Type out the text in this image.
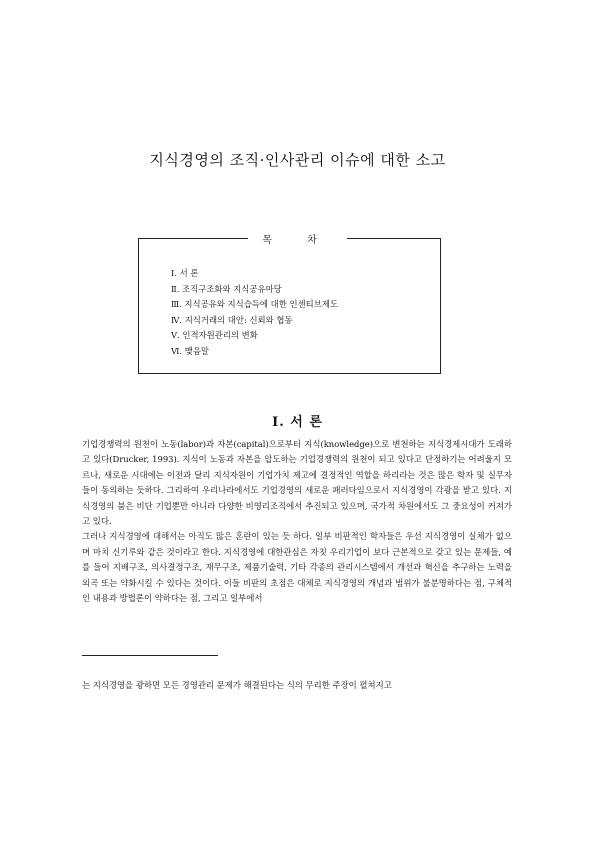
지식경영의 조직·인사관리 이슈에 대한 소고
목 차
Ⅰ. 서 론
Ⅱ. 조직구조화와 지식공유마당
Ⅲ. 지식공유와 지식습득에 대한 인센티브제도
Ⅳ. 지식거래의 대안: 신뢰와 협동
Ⅴ. 인적자원관리의 변화
Ⅵ. 맺음말
Ⅰ. 서 론

기업경쟁력의 원천이 노동(labor)과 자본(capital)으로부터 지식(knowledge)으로 변천하는 지식경제시대가 도래하고 있다(Drucker, 1993). 지식이 노동과 자본을 압도하는 기업경쟁력의 원천이 되고 있다고 단정하기는 어려울지 모르나, 새로운 시대에는 이전과 달리 지식자원이 기업가치 제고에 결정적인 역할을 하리라는 것은 많은 학자 및 실무자들이 동의하는 듯하다. 그리하여 우리나라에서도 기업경영의 새로운 패러다임으로서 지식경영이 각광을 받고 있다. 지식경영의 붐은 비단 기업뿐만 아니라 다양한 비영리조직에서 추진되고 있으며, 국가적 차원에서도 그 중요성이 커져가고 있다.

그러나 지식경영에 대해서는 아직도 많은 혼란이 있는 듯 하다. 일부 비판적인 학자들은 우선 지식경영이 실체가 없으며 마치 신기루와 같은 것이라고 한다. 지식경영에 대한관심은 자칫 우리기업이 보다 근본적으로 갖고 있는 문제들, 예를 들어 지배구조, 의사결정구조, 재무구조, 제품기술력, 기타 각종의 관리시스템에서 개선과 혁신을 추구하는 노력을 외곡 또는 약화시킬 수 있다는 것이다. 이들 비판의 초점은 대체로 지식경영의 개념과 범위가 불분명하다는 점, 구체적인 내용과 방법론이 약하다는 점, 그리고 일부에서

는 지식경영을 광하면 모든 경영관리 문제가 해결된다는 식의 무리한 주장이 펼쳐지고
